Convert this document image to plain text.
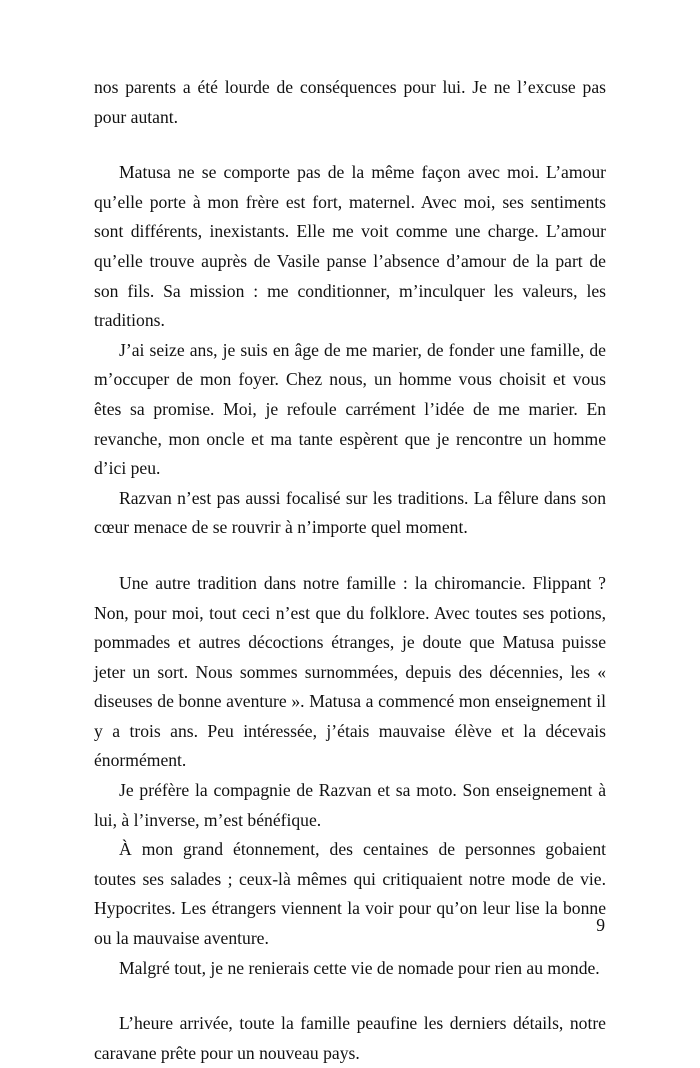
nos parents a été lourde de conséquences pour lui. Je ne l’excuse pas pour autant.

Matusa ne se comporte pas de la même façon avec moi. L’amour qu’elle porte à mon frère est fort, maternel. Avec moi, ses sentiments sont différents, inexistants. Elle me voit comme une charge. L’amour qu’elle trouve auprès de Vasile panse l’absence d’amour de la part de son fils. Sa mission : me conditionner, m’inculquer les valeurs, les traditions.

J’ai seize ans, je suis en âge de me marier, de fonder une famille, de m’occuper de mon foyer. Chez nous, un homme vous choisit et vous êtes sa promise. Moi, je refoule carrément l’idée de me marier. En revanche, mon oncle et ma tante espèrent que je rencontre un homme d’ici peu.

Razvan n’est pas aussi focalisé sur les traditions. La fêlure dans son cœur menace de se rouvrir à n’importe quel moment.

Une autre tradition dans notre famille : la chiromancie. Flippant ? Non, pour moi, tout ceci n’est que du folklore. Avec toutes ses potions, pommades et autres décoctions étranges, je doute que Matusa puisse jeter un sort. Nous sommes surnommées, depuis des décennies, les « diseuses de bonne aventure ». Matusa a commencé mon enseignement il y a trois ans. Peu intéressée, j’étais mauvaise élève et la décevais énormément.

Je préfère la compagnie de Razvan et sa moto. Son enseignement à lui, à l’inverse, m’est bénéfique.

À mon grand étonnement, des centaines de personnes gobaient toutes ses salades ; ceux-là mêmes qui critiquaient notre mode de vie. Hypocrites. Les étrangers viennent la voir pour qu’on leur lise la bonne ou la mauvaise aventure.

Malgré tout, je ne renierais cette vie de nomade pour rien au monde.

L’heure arrivée, toute la famille peaufine les derniers détails, notre caravane prête pour un nouveau pays.

9
